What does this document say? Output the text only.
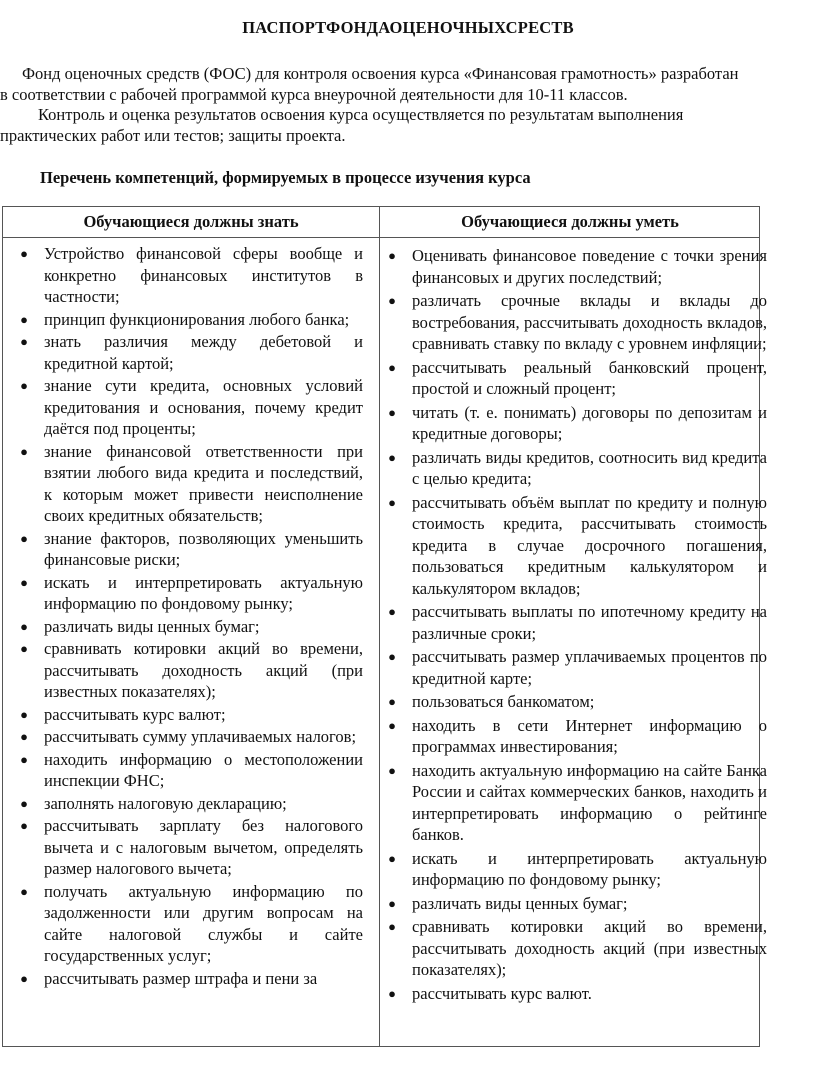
ПАСПОРТФОНДАОЦЕНОЧНЫХСРЕСТВ
Фонд оценочных средств (ФОС) для контроля освоения курса «Финансовая грамотность» разработан
в соответствии с рабочей программой курса внеурочной деятельности для 10-11 классов.
Контроль и оценка результатов освоения курса осуществляется по результатам выполнения
практических работ или тестов; защиты проекта.
Перечень компетенций, формируемых в процессе изучения курса
Обучающиеся должны знать	Обучающиеся должны уметь
● Устройство финансовой сферы вообще и конкретно финансовых институтов в частности;
● принцип функционирования любого банка;
● знать различия между дебетовой и кредитной картой;
● знание сути кредита, основных условий кредитования и основания, почему кредит даётся под проценты;
● знание финансовой ответственности при взятии любого вида кредита и последствий, к которым может привести неисполнение своих кредитных обязательств;
● знание факторов, позволяющих уменьшить финансовые риски;
● искать и интерпретировать актуальную информацию по фондовому рынку;
● различать виды ценных бумаг;
● сравнивать котировки акций во времени, рассчитывать доходность акций (при известных показателях);
● рассчитывать курс валют;
● рассчитывать сумму уплачиваемых налогов;
● находить информацию о местоположении инспекции ФНС;
● заполнять налоговую декларацию;
● рассчитывать зарплату без налогового вычета и с налоговым вычетом, определять размер налогового вычета;
● получать актуальную информацию по задолженности или другим вопросам на сайте налоговой службы и сайте государственных услуг;
● рассчитывать размер штрафа и пени за
● Оценивать финансовое поведение с точки зрения финансовых и других последствий;
● различать срочные вклады и вклады до востребования, рассчитывать доходность вкладов, сравнивать ставку по вкладу с уровнем инфляции;
● рассчитывать реальный банковский процент, простой и сложный процент;
● читать (т. е. понимать) договоры по депозитам и кредитные договоры;
● различать виды кредитов, соотносить вид кредита с целью кредита;
● рассчитывать объём выплат по кредиту и полную стоимость кредита, рассчитывать стоимость кредита в случае досрочного погашения, пользоваться кредитным калькулятором и калькулятором вкладов;
● рассчитывать выплаты по ипотечному кредиту на различные сроки;
● рассчитывать размер уплачиваемых процентов по кредитной карте;
● пользоваться банкоматом;
● находить в сети Интернет информацию о программах инвестирования;
● находить актуальную информацию на сайте Банка России и сайтах коммерческих банков, находить и интерпретировать информацию о рейтинге банков.
● искать и интерпретировать актуальную информацию по фондовому рынку;
● различать виды ценных бумаг;
● сравнивать котировки акций во времени, рассчитывать доходность акций (при известных показателях);
● рассчитывать курс валют.
